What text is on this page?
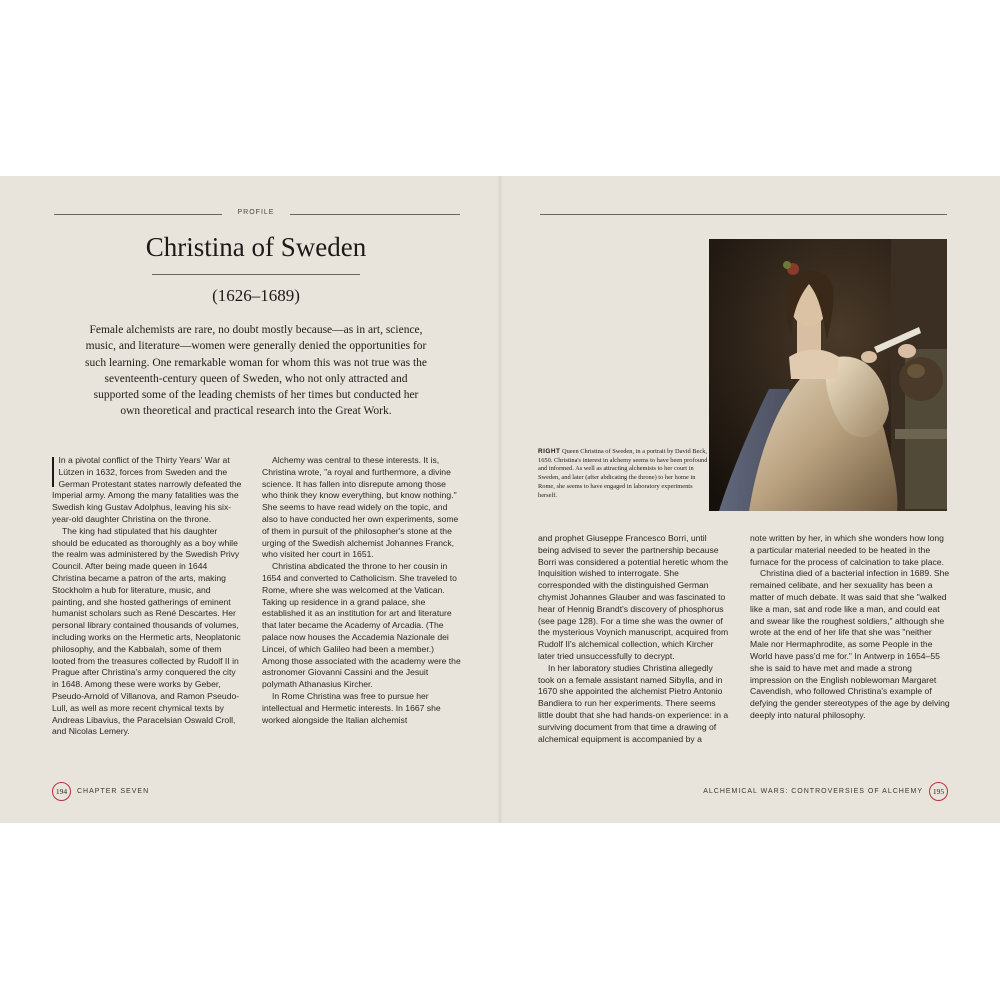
PROFILE
Christina of Sweden
(1626–1689)
Female alchemists are rare, no doubt mostly because—as in art, science, music, and literature—women were generally denied the opportunities for such learning. One remarkable woman for whom this was not true was the seventeenth-century queen of Sweden, who not only attracted and supported some of the leading chemists of her times but conducted her own theoretical and practical research into the Great Work.

In a pivotal conflict of the Thirty Years' War at Lützen in 1632, forces from Sweden and the German Protestant states narrowly defeated the Imperial army. Among the many fatalities was the Swedish king Gustav Adolphus, leaving his six-year-old daughter Christina on the throne.

The king had stipulated that his daughter should be educated as thoroughly as a boy while the realm was administered by the Swedish Privy Council. After being made queen in 1644 Christina became a patron of the arts, making Stockholm a hub for literature, music, and painting, and she hosted gatherings of eminent humanist scholars such as René Descartes. Her personal library contained thousands of volumes, including works on the Hermetic arts, Neoplatonic philosophy, and the Kabbalah, some of them looted from the treasures collected by Rudolf II in Prague after Christina's army conquered the city in 1648. Among these were works by Geber, Pseudo-Arnold of Villanova, and Ramon Pseudo-Lull, as well as more recent chymical texts by Andreas Libavius, the Paracelsian Oswald Croll, and Nicolas Lemery.

Alchemy was central to these interests. It is, Christina wrote, "a royal and furthermore, a divine science. It has fallen into disrepute among those who think they know everything, but know nothing." She seems to have read widely on the topic, and also to have conducted her own experiments, some of them in pursuit of the philosopher's stone at the urging of the Swedish alchemist Johannes Franck, who visited her court in 1651.

Christina abdicated the throne to her cousin in 1654 and converted to Catholicism. She traveled to Rome, where she was welcomed at the Vatican. Taking up residence in a grand palace, she established it as an institution for art and literature that later became the Academy of Arcadia. (The palace now houses the Accademia Nazionale dei Lincei, of which Galileo had been a member.) Among those associated with the academy were the astronomer Giovanni Cassini and the Jesuit polymath Athanasius Kircher.

In Rome Christina was free to pursue her intellectual and Hermetic interests. In 1667 she worked alongside the Italian alchemist

194	CHAPTER SEVEN
RIGHT Queen Christina of Sweden, in a portrait by David Beck, 1650. Christina's interest in alchemy seems to have been profound and informed. As well as attracting alchemists to her court in Sweden, and later (after abdicating the throne) to her home in Rome, she seems to have engaged in laboratory experiments herself.

and prophet Giuseppe Francesco Borri, until being advised to sever the partnership because Borri was considered a potential heretic whom the Inquisition wished to interrogate. She corresponded with the distinguished German chymist Johannes Glauber and was fascinated to hear of Hennig Brandt's discovery of phosphorus (see page 128). For a time she was the owner of the mysterious Voynich manuscript, acquired from Rudolf II's alchemical collection, which Kircher later tried unsuccessfully to decrypt.

In her laboratory studies Christina allegedly took on a female assistant named Sibylla, and in 1670 she appointed the alchemist Pietro Antonio Bandiera to run her experiments. There seems little doubt that she had hands-on experience: in a surviving document from that time a drawing of alchemical equipment is accompanied by a

note written by her, in which she wonders how long a particular material needed to be heated in the furnace for the process of calcination to take place.

Christina died of a bacterial infection in 1689. She remained celibate, and her sexuality has been a matter of much debate. It was said that she "walked like a man, sat and rode like a man, and could eat and swear like the roughest soldiers," although she wrote at the end of her life that she was "neither Male nor Hermaphrodite, as some People in the World have pass'd me for." In Antwerp in 1654–55 she is said to have met and made a strong impression on the English noblewoman Margaret Cavendish, who followed Christina's example of defying the gender stereotypes of the age by delving deeply into natural philosophy.

ALCHEMICAL WARS: CONTROVERSIES OF ALCHEMY	195
